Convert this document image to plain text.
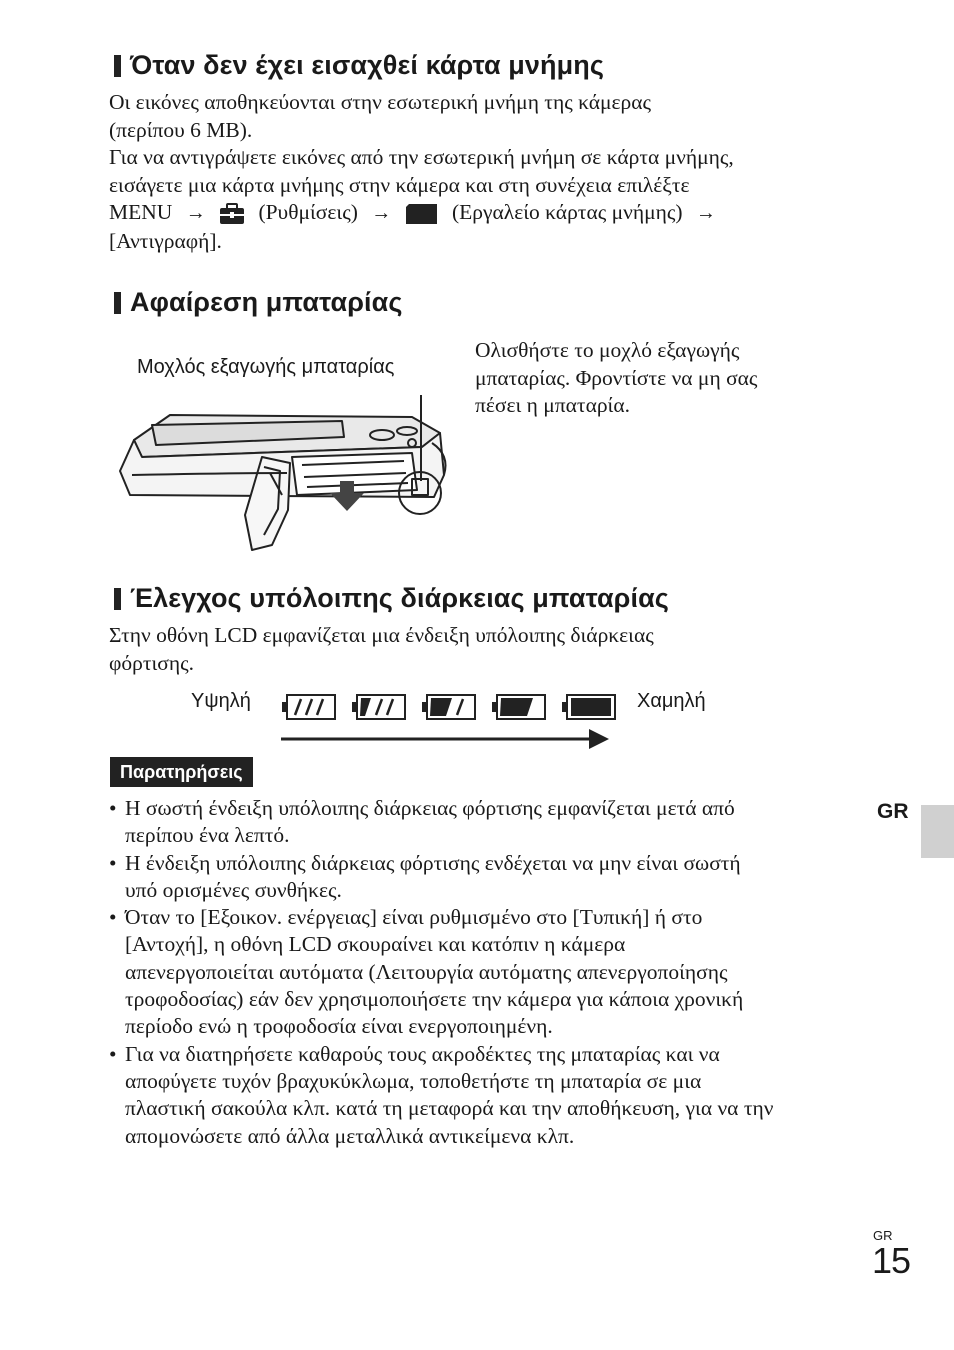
Όταν δεν έχει εισαχθεί κάρτα μνήμης
Οι εικόνες αποθηκεύονται στην εσωτερική μνήμη της κάμερας
(περίπου 6 MB).
Για να αντιγράψετε εικόνες από την εσωτερική μνήμη σε κάρτα μνήμης,
εισάγετε μια κάρτα μνήμης στην κάμερα και στη συνέχεια επιλέξτε
MENU → (Ρυθμίσεις) →	(Εργαλείο κάρτας μνήμης) →
[Αντιγραφή].
Αφαίρεση μπαταρίας
Μοχλός εξαγωγής μπαταρίας
Ολισθήστε το μοχλό εξαγωγής
μπαταρίας. Φροντίστε να μη σας
πέσει η μπαταρία.
Έλεγχος υπόλοιπης διάρκειας μπαταρίας
Στην οθόνη LCD εμφανίζεται μια ένδειξη υπόλοιπης διάρκειας
φόρτισης.
Υψηλή	Χαμηλή
Παρατηρήσεις
• Η σωστή ένδειξη υπόλοιπης διάρκειας φόρτισης εμφανίζεται μετά από
περίπου ένα λεπτό.
• Η ένδειξη υπόλοιπης διάρκειας φόρτισης ενδέχεται να μην είναι σωστή
υπό ορισμένες συνθήκες.
• Όταν το [Εξοικον. ενέργειας] είναι ρυθμισμένο στο [Τυπική] ή στο
[Αντοχή], η οθόνη LCD σκουραίνει και κατόπιν η κάμερα
απενεργοποιείται αυτόματα (Λειτουργία αυτόματης απενεργοποίησης
τροφοδοσίας) εάν δεν χρησιμοποιήσετε την κάμερα για κάποια χρονική
περίοδο ενώ η τροφοδοσία είναι ενεργοποιημένη.
• Για να διατηρήσετε καθαρούς τους ακροδέκτες της μπαταρίας και να
αποφύγετε τυχόν βραχυκύκλωμα, τοποθετήστε τη μπαταρία σε μια
πλαστική σακούλα κλπ. κατά τη μεταφορά και την αποθήκευση, για να την
απομονώσετε από άλλα μεταλλικά αντικείμενα κλπ.
GR
GR
15
